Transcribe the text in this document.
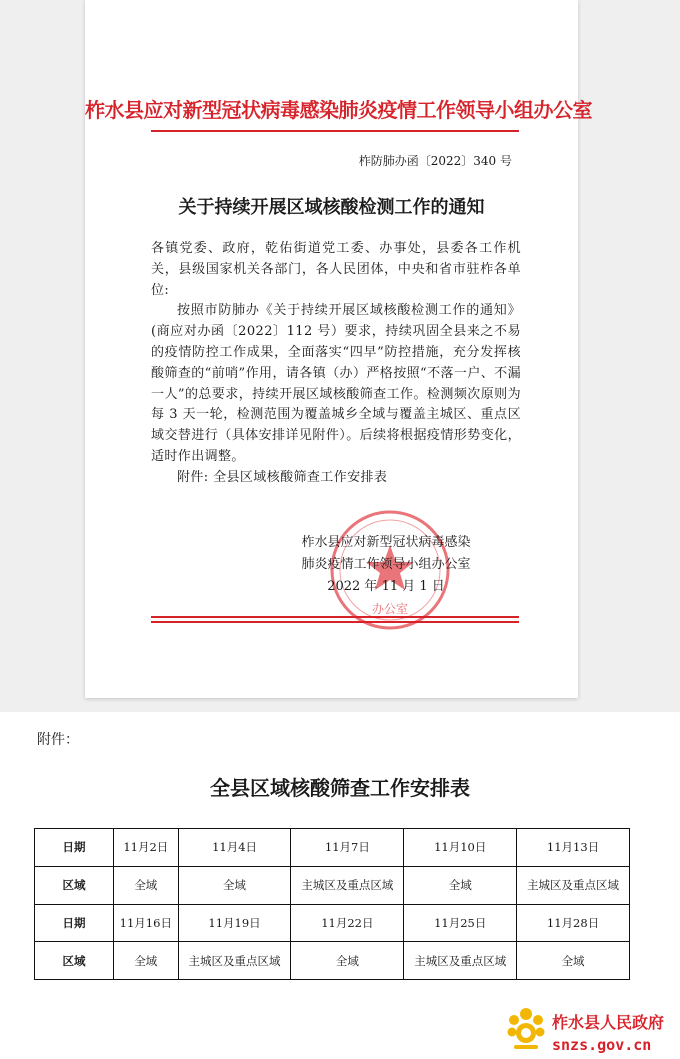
柞水县应对新型冠状病毒感染肺炎疫情工作领导小组办公室
柞防肺办函〔2022〕340 号
关于持续开展区域核酸检测工作的通知

各镇党委、政府，乾佑街道党工委、办事处，县委各工作机关，县级国家机关各部门，各人民团体，中央和省市驻柞各单位:

按照市防肺办《关于持续开展区域核酸检测工作的通知》(商应对办函〔2022〕112 号）要求，持续巩固全县来之不易的疫情防控工作成果，全面落实“四早”防控措施，充分发挥核酸筛查的“前哨”作用，请各镇（办）严格按照“不落一户、不漏一人”的总要求，持续开展区域核酸筛查工作。检测频次原则为每 3 天一轮，检测范围为覆盖城乡全域与覆盖主城区、重点区域交替进行（具体安排详见附件）。后续将根据疫情形势变化，适时作出调整。

附件: 全县区域核酸筛查工作安排表

办公室
柞水县应对新型冠状病毒感染
肺炎疫情工作领导小组办公室
2022 年 11 月 1 日
附件：
全县区域核酸筛查工作安排表
日期	11月2日	11月4日	11月7日	11月10日	11月13日
区域	全域	全域	主城区及重点区域	全域	主城区及重点区域
日期	11月16日	11月19日	11月22日	11月25日	11月28日
区域	全域	主城区及重点区域	全域	主城区及重点区域	全域
柞水县人民政府
snzs.gov.cn
